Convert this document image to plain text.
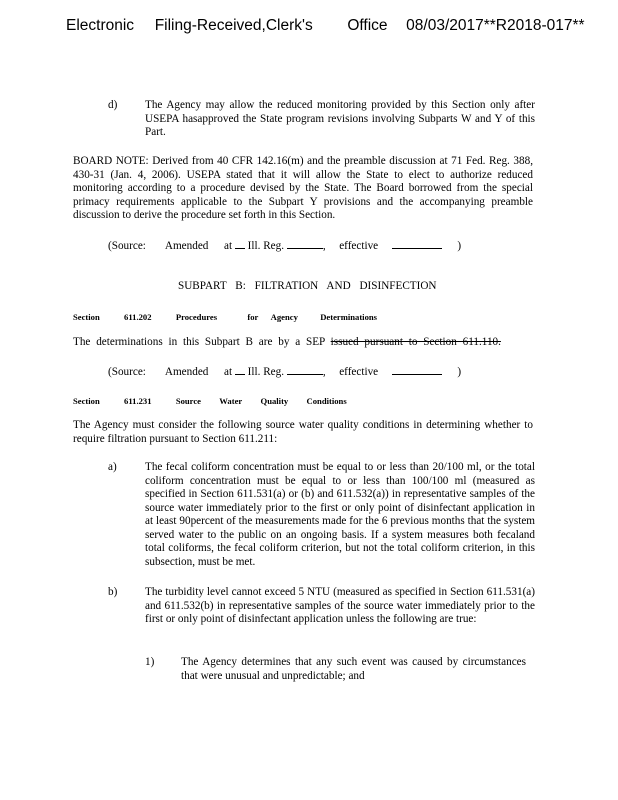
Electronic Filing-Received,Clerk's Office 08/03/2017**R2018-017**
d) The Agency may allow the reduced monitoring provided by this Section only after USEPA hasapproved the State program revisions involving Subparts W and Y of this Part.
BOARD NOTE: Derived from 40 CFR 142.16(m) and the preamble discussion at 71 Fed. Reg. 388, 430-31 (Jan. 4, 2006). USEPA stated that it will allow the State to elect to authorize reduced monitoring according to a procedure devised by the State. The Board borrowed from the special primacy requirements applicable to the Subpart Y provisions and the accompanying preamble discussion to derive the procedure set forth in this Section.
(Source: Amended at Ill. Reg.	,  effective	)
SUBPART B: FILTRATION AND DISINFECTION
Section	611.202	Procedures	for Agency	Determinations
The determinations in this Subpart B are by a SEP issued pursuant to Section 611.110.
(Source: Amended at Ill. Reg.	,  effective	)
Section	611.231	Source Water Quality Conditions
The Agency must consider the following source water quality conditions in determining whether to require filtration pursuant to Section 611.211:
a)	The fecal coliform concentration must be equal to or less than 20/100 ml, or the total coliform concentration must be equal to or less than 100/100 ml (measured as specified in Section 611.531(a) or (b) and 611.532(a)) in representative samples of the source water immediately prior to the first or only point of disinfectant application in at least 90percent of the measurements made for the 6 previous months that the system served water to the public on an ongoing basis. If a system measures both fecaland total coliforms, the fecal coliform criterion, but not the total coliform criterion, in this subsection, must be met.
b) The turbidity level cannot exceed 5 NTU (measured as specified in Section 611.531(a) and 611.532(b) in representative samples of the source water immediately prior to the first or only point of disinfectant application unless the following are true:
1) The Agency determines that any such event was caused by circumstances that were unusual and unpredictable; and
